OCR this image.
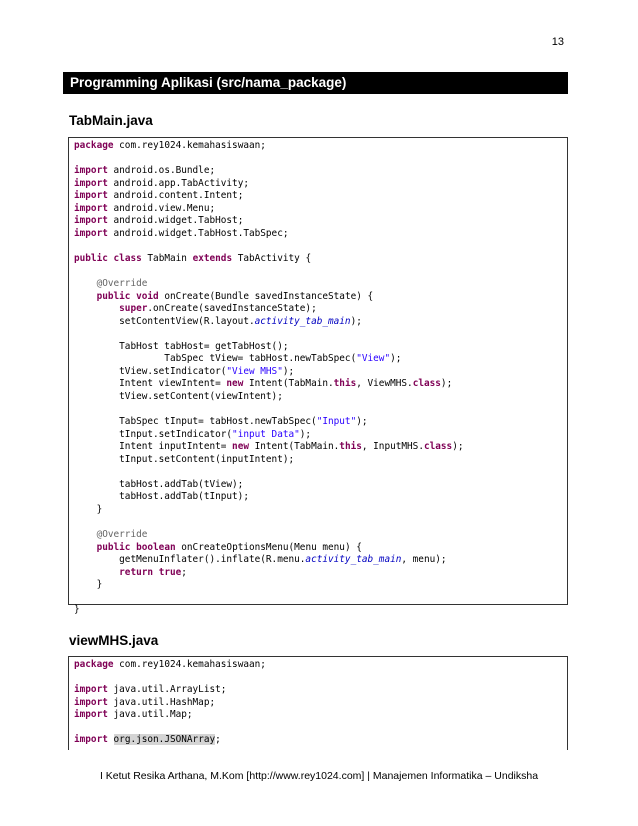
13
Programming Aplikasi (src/nama_package)
TabMain.java
package com.rey1024.kemahasiswaan;
import android.os.Bundle;
import android.app.TabActivity;
import android.content.Intent;
import android.view.Menu;
import android.widget.TabHost;
import android.widget.TabHost.TabSpec;
public class TabMain extends TabActivity {
@Override
public void onCreate(Bundle savedInstanceState) {
super.onCreate(savedInstanceState);
setContentView(R.layout.activity_tab_main);
TabHost tabHost= getTabHost();
TabSpec tView= tabHost.newTabSpec("View");
tView.setIndicator("View MHS");
Intent viewIntent= new Intent(TabMain.this, ViewMHS.class);
tView.setContent(viewIntent);
TabSpec tInput= tabHost.newTabSpec("Input");
tInput.setIndicator("input Data");
Intent inputIntent= new Intent(TabMain.this, InputMHS.class);
tInput.setContent(inputIntent);
tabHost.addTab(tView);
tabHost.addTab(tInput);
}
@Override
public boolean onCreateOptionsMenu(Menu menu) {
getMenuInflater().inflate(R.menu.activity_tab_main, menu);
return true;
}
}
viewMHS.java
package com.rey1024.kemahasiswaan;
import java.util.ArrayList;
import java.util.HashMap;
import java.util.Map;
import org.json.JSONArray;
I Ketut Resika Arthana, M.Kom [http://www.rey1024.com] | Manajemen Informatika – Undiksha
